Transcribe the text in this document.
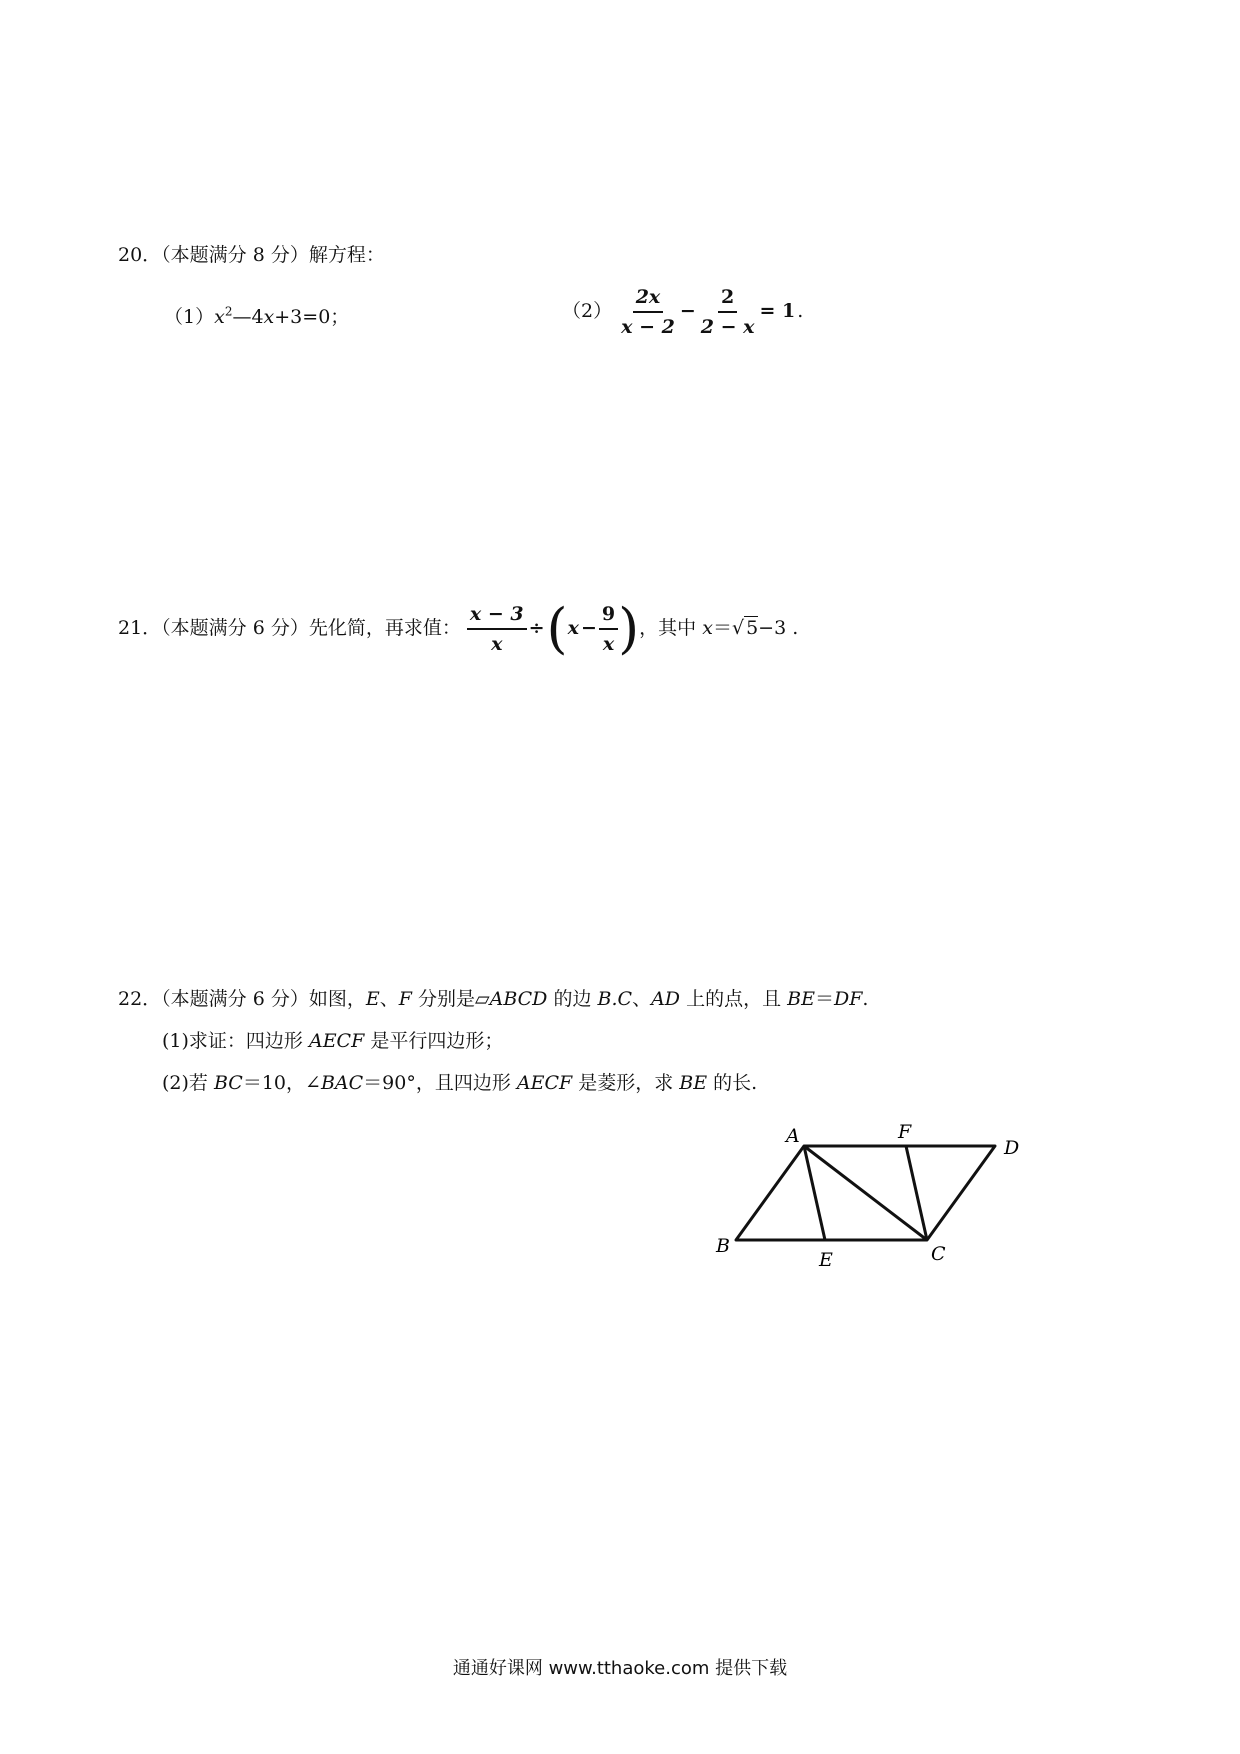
20．（本题满分 8 分）解方程：
$(1)x^2—4x+3=0$；	$(2) \frac{2x}{x - 2} - \frac{2}{2 - x} = 1$ .
21．（本题满分 6 分）先化简，再求值： $\frac{x - 3}{x} \div(x - \frac{9}{x}$ )，其中 x＝√ 5−3 .
22．（本题满分 6 分）如图，E、F 分别是▱ABCD 的边 B.C、AD 上的点，且 BE＝DF.
(1)求证：四边形 AECF 是平行四边形；
(2)若 BC＝10，∠BAC＝90°，且四边形 AECF 是菱形，求 BE 的长.
A	F
D
B
E	C
通通好课网 www.tthaoke.com 提供下载
